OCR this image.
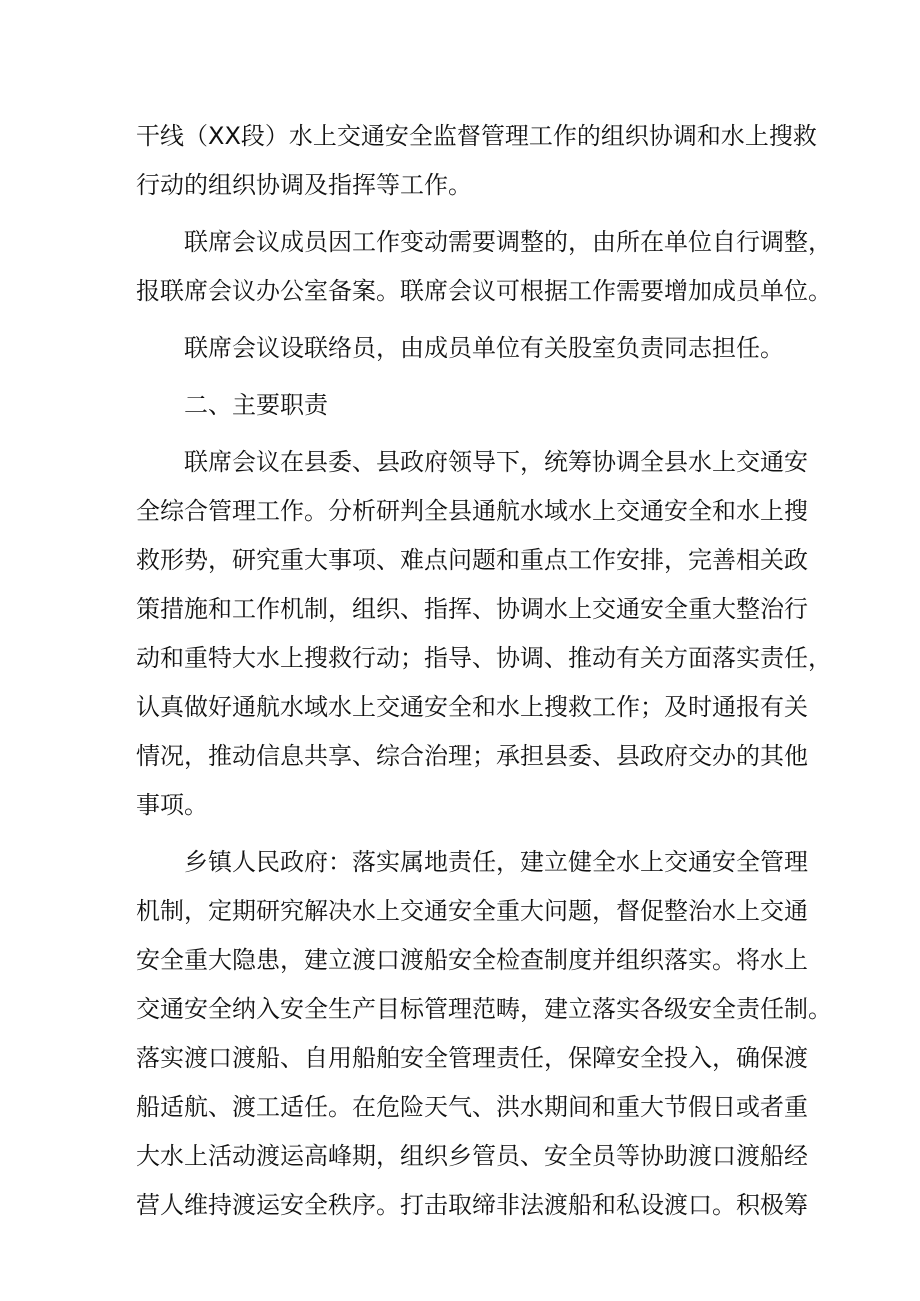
干线（XX段）水上交通安全监督管理工作的组织协调和水上搜救
行动的组织协调及指挥等工作。
联席会议成员因工作变动需要调整的，由所在单位自行调整，
报联席会议办公室备案。联席会议可根据工作需要增加成员单位。
联席会议设联络员，由成员单位有关股室负责同志担任。
二、主要职责
联席会议在县委、县政府领导下，统筹协调全县水上交通安
全综合管理工作。分析研判全县通航水域水上交通安全和水上搜
救形势，研究重大事项、难点问题和重点工作安排，完善相关政
策措施和工作机制，组织、指挥、协调水上交通安全重大整治行
动和重特大水上搜救行动；指导、协调、推动有关方面落实责任，
认真做好通航水域水上交通安全和水上搜救工作；及时通报有关
情况，推动信息共享、综合治理；承担县委、县政府交办的其他
事项。
乡镇人民政府：落实属地责任，建立健全水上交通安全管理
机制，定期研究解决水上交通安全重大问题，督促整治水上交通
安全重大隐患，建立渡口渡船安全检查制度并组织落实。将水上
交通安全纳入安全生产目标管理范畴，建立落实各级安全责任制。
落实渡口渡船、自用船舶安全管理责任，保障安全投入，确保渡
船适航、渡工适任。在危险天气、洪水期间和重大节假日或者重
大水上活动渡运高峰期，组织乡管员、安全员等协助渡口渡船经
营人维持渡运安全秩序。打击取缔非法渡船和私设渡口。积极筹
